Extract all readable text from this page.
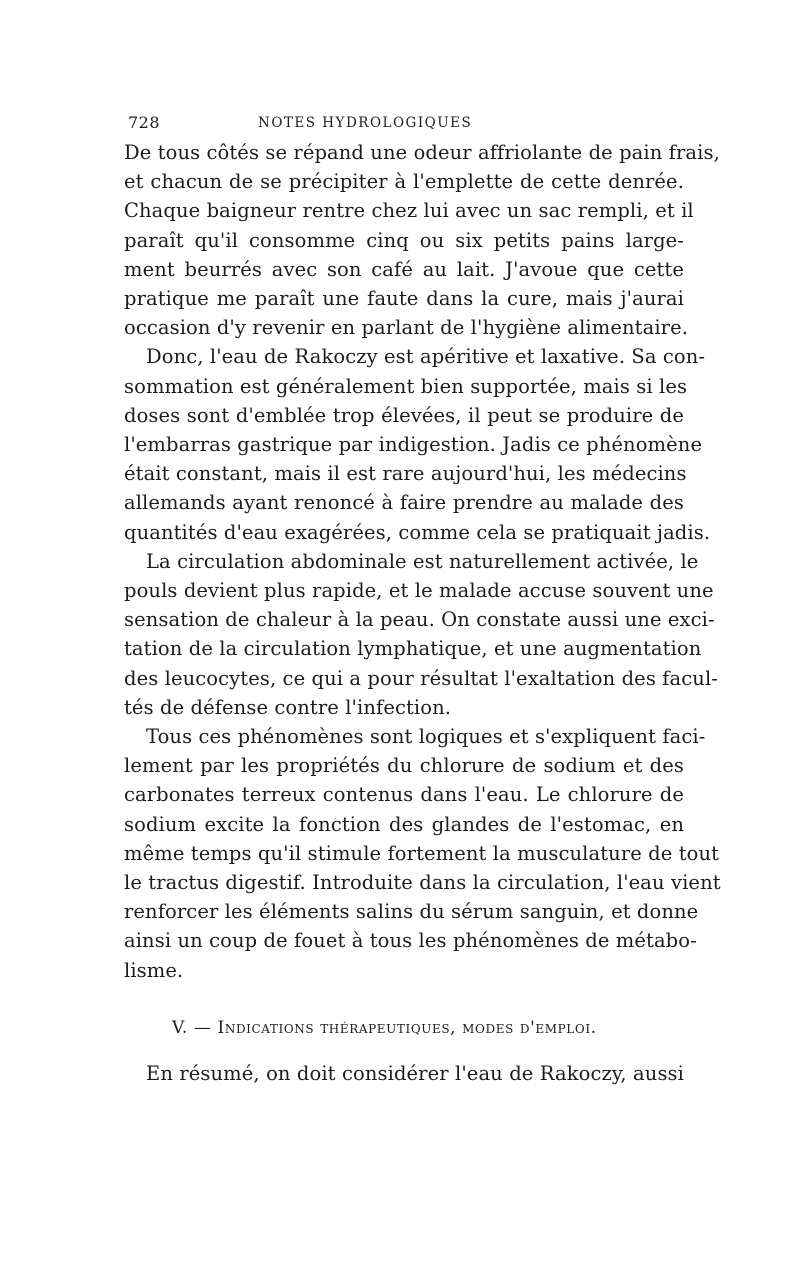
728	NOTES HYDROLOGIQUES

De tous côtés se répand une odeur affriolante de pain frais,
et chacun de se précipiter à l'emplette de cette denrée.
Chaque baigneur rentre chez lui avec un sac rempli, et il
paraît qu'il consomme cinq ou six petits pains large-
ment beurrés avec son café au lait. J'avoue que cette
pratique me paraît une faute dans la cure, mais j'aurai
occasion d'y revenir en parlant de l'hygiène alimentaire.

Donc, l'eau de Rakoczy est apéritive et laxative. Sa con-
sommation est généralement bien supportée, mais si les
doses sont d'emblée trop élevées, il peut se produire de
l'embarras gastrique par indigestion. Jadis ce phénomène
était constant, mais il est rare aujourd'hui, les médecins
allemands ayant renoncé à faire prendre au malade des
quantités d'eau exagérées, comme cela se pratiquait jadis.

La circulation abdominale est naturellement activée, le
pouls devient plus rapide, et le malade accuse souvent une
sensation de chaleur à la peau. On constate aussi une exci-
tation de la circulation lymphatique, et une augmentation
des leucocytes, ce qui a pour résultat l'exaltation des facul-
tés de défense contre l'infection.

Tous ces phénomènes sont logiques et s'expliquent faci-
lement par les propriétés du chlorure de sodium et des
carbonates terreux contenus dans l'eau. Le chlorure de
sodium excite la fonction des glandes de l'estomac, en
même temps qu'il stimule fortement la musculature de tout
le tractus digestif. Introduite dans la circulation, l'eau vient
renforcer les éléments salins du sérum sanguin, et donne
ainsi un coup de fouet à tous les phénomènes de métabo-
lisme.

V. — Indications thérapeutiques, modes d'emploi.

En résumé, on doit considérer l'eau de Rakoczy, aussi
